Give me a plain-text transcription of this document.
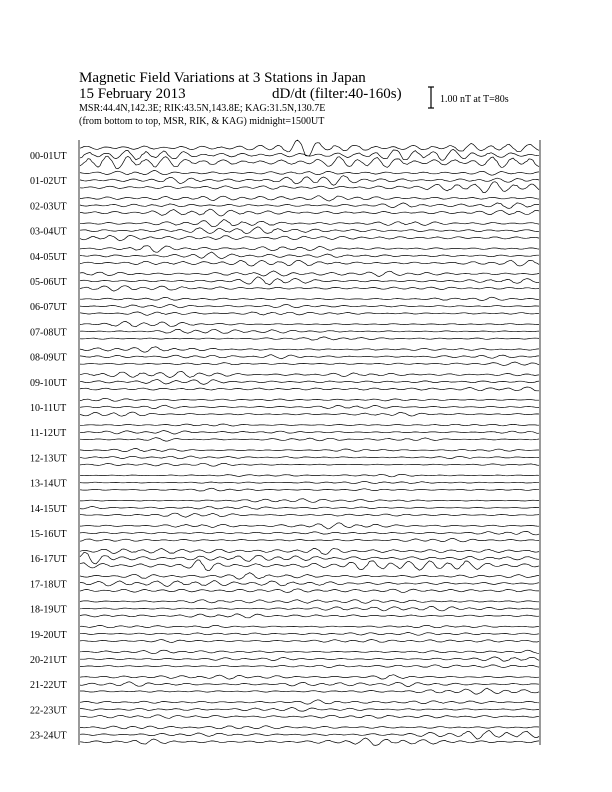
Magnetic Field Variations at 3 Stations in Japan
15 February 2013	dD/dt (filter:40-160s)
MSR:44.4N,142.3E; RIK:43.5N,143.8E; KAG:31.5N,130.7E
(from bottom to top, MSR, RIK, & KAG) midnight=1500UT
1.00 nT at T=80s
00-01UT
01-02UT
02-03UT
03-04UT
04-05UT
05-06UT
06-07UT
07-08UT
08-09UT
09-10UT
10-11UT
11-12UT
12-13UT
13-14UT
14-15UT
15-16UT
16-17UT
17-18UT
18-19UT
19-20UT
20-21UT
21-22UT
22-23UT
23-24UT
